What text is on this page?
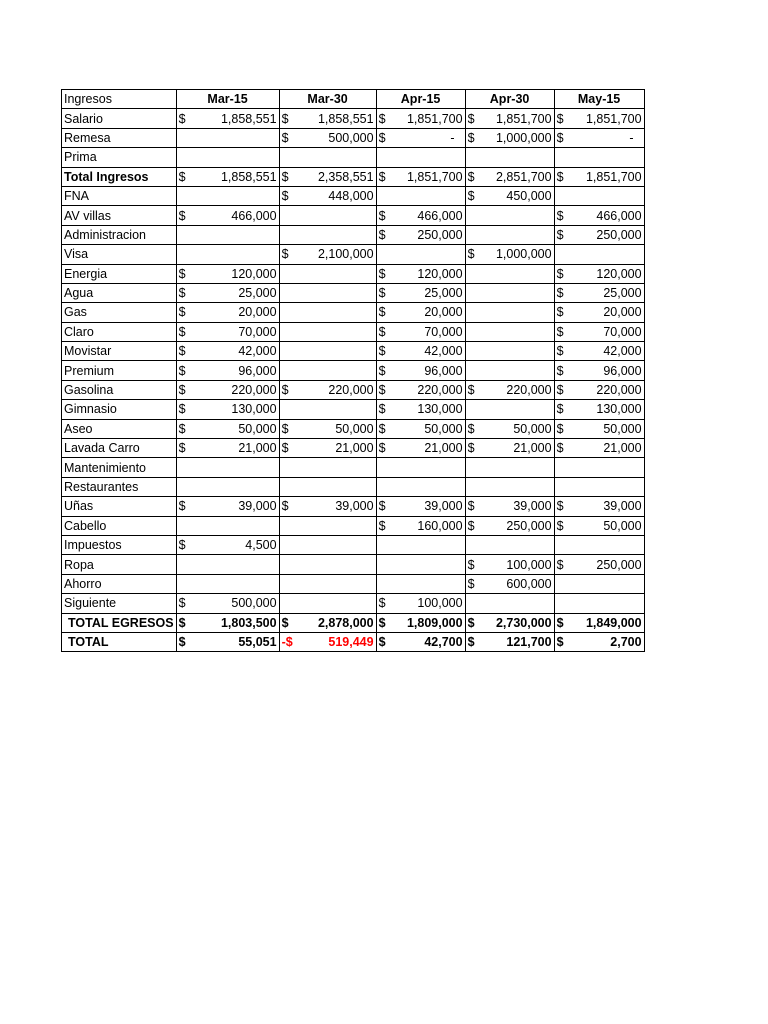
Ingresos	Mar-15	Mar-30	Apr-15	Apr-30	May-15
Salario	$ 1,858,551	$ 1,858,551	$ 1,851,700	$ 1,851,700	$ 1,851,700

Remesa		$ 500,000	$ -	$ 1,000,000	$ -

Prima	

Total Ingresos	$ 1,858,551	$ 2,358,551	$ 1,851,700	$ 2,851,700	$ 1,851,700

FNA		$ 448,000		$ 450,000	

AV villas	$ 466,000		$ 466,000		$ 466,000

Administracion			$ 250,000		$ 250,000

Visa		$ 2,100,000		$ 1,000,000	

Energia	$ 120,000		$ 120,000		$ 120,000

Agua	$ 25,000		$ 25,000		$ 25,000

Gas	$ 20,000		$ 20,000		$ 20,000

Claro	$ 70,000		$ 70,000		$ 70,000

Movistar	$ 42,000		$ 42,000		$ 42,000

Premium	$ 96,000		$ 96,000		$ 96,000

Gasolina	$ 220,000	$ 220,000	$ 220,000	$ 220,000	$ 220,000

Gimnasio	$ 130,000		$ 130,000		$ 130,000

Aseo	$ 50,000	$ 50,000	$ 50,000	$ 50,000	$ 50,000

Lavada Carro	$ 21,000	$ 21,000	$ 21,000	$ 21,000	$ 21,000

Mantenimiento	

Restaurantes	

Uñas	$ 39,000	$ 39,000	$ 39,000	$ 39,000	$ 39,000

Cabello			$ 160,000	$ 250,000	$ 50,000

Impuestos	$ 4,500				

Ropa				$ 100,000	$ 250,000

Ahorro				$ 600,000	

Siguiente	$ 500,000		$ 100,000		

TOTAL EGRESOS	$ 1,803,500	$ 2,878,000	$ 1,809,000	$ 2,730,000	$ 1,849,000

TOTAL	$ 55,051	-$ 519,449	$ 42,700	$ 121,700	$ 2,700
